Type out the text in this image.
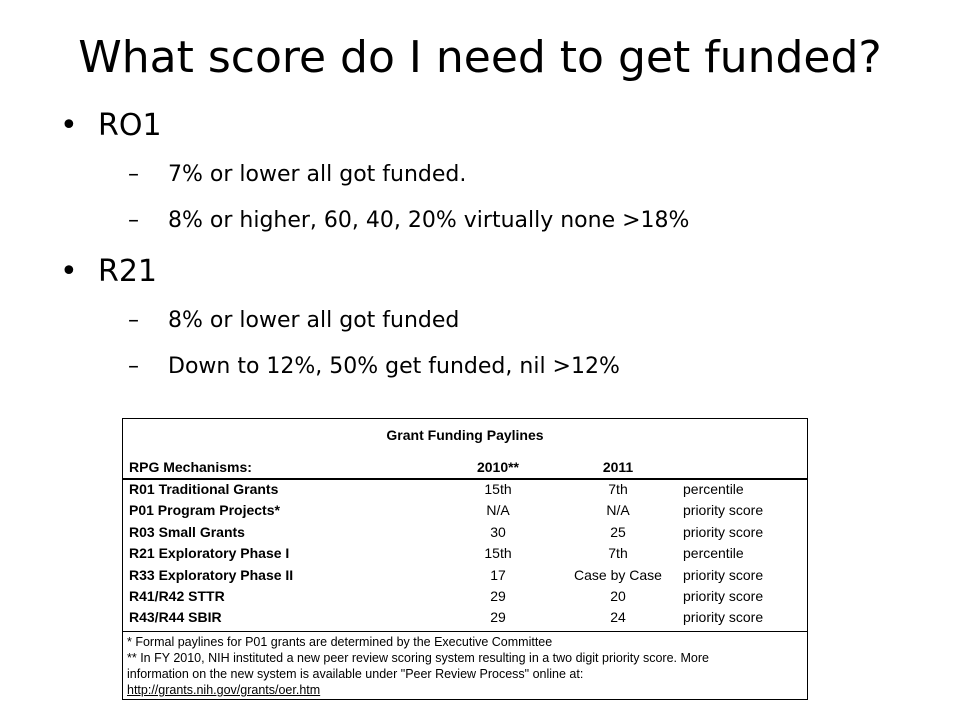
What score do I need to get funded?
• RO1
– 7% or lower all got funded.
– 8% or higher, 60, 40, 20% virtually none >18%
• R21
– 8% or lower all got funded
– Down to 12%, 50% get funded, nil >12%
Grant Funding Paylines
RPG Mechanisms:	2010**	2011
R01 Traditional Grants	15th	7th	percentile
P01 Program Projects*	N/A	N/A	priority score
R03 Small Grants	30	25	priority score
R21 Exploratory Phase I	15th	7th	percentile
R33 Exploratory Phase II	17	Case by Case	priority score
R41/R42 STTR	29	20	priority score
R43/R44 SBIR	29	24	priority score
* Formal paylines for P01 grants are determined by the Executive Committee
** In FY 2010, NIH instituted a new peer review scoring system resulting in a two digit priority score. More
information on the new system is available under "Peer Review Process" online at:
http://grants.nih.gov/grants/oer.htm
